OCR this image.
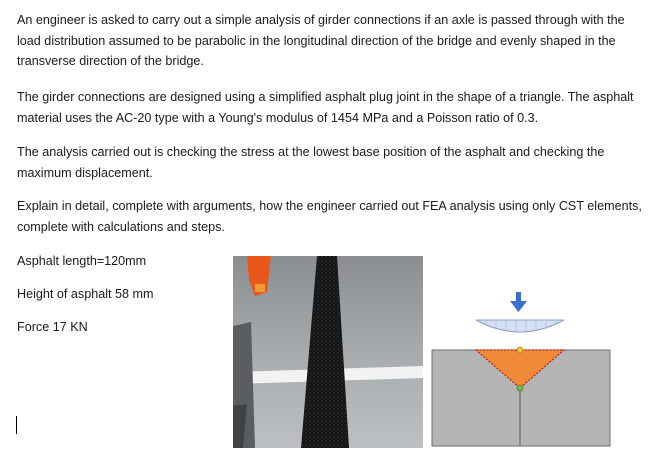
An engineer is asked to carry out a simple analysis of girder connections if an axle is passed through with the load distribution assumed to be parabolic in the longitudinal direction of the bridge and evenly shaped in the transverse direction of the bridge.

The girder connections are designed using a simplified asphalt plug joint in the shape of a triangle. The asphalt material uses the AC-20 type with a Young's modulus of 1454 MPa and a Poisson ratio of 0.3.

The analysis carried out is checking the stress at the lowest base position of the asphalt and checking the maximum displacement.

Explain in detail, complete with arguments, how the engineer carried out FEA analysis using only CST elements, complete with calculations and steps.

Asphalt length=120mm

Height of asphalt 58 mm

Force 17 KN
